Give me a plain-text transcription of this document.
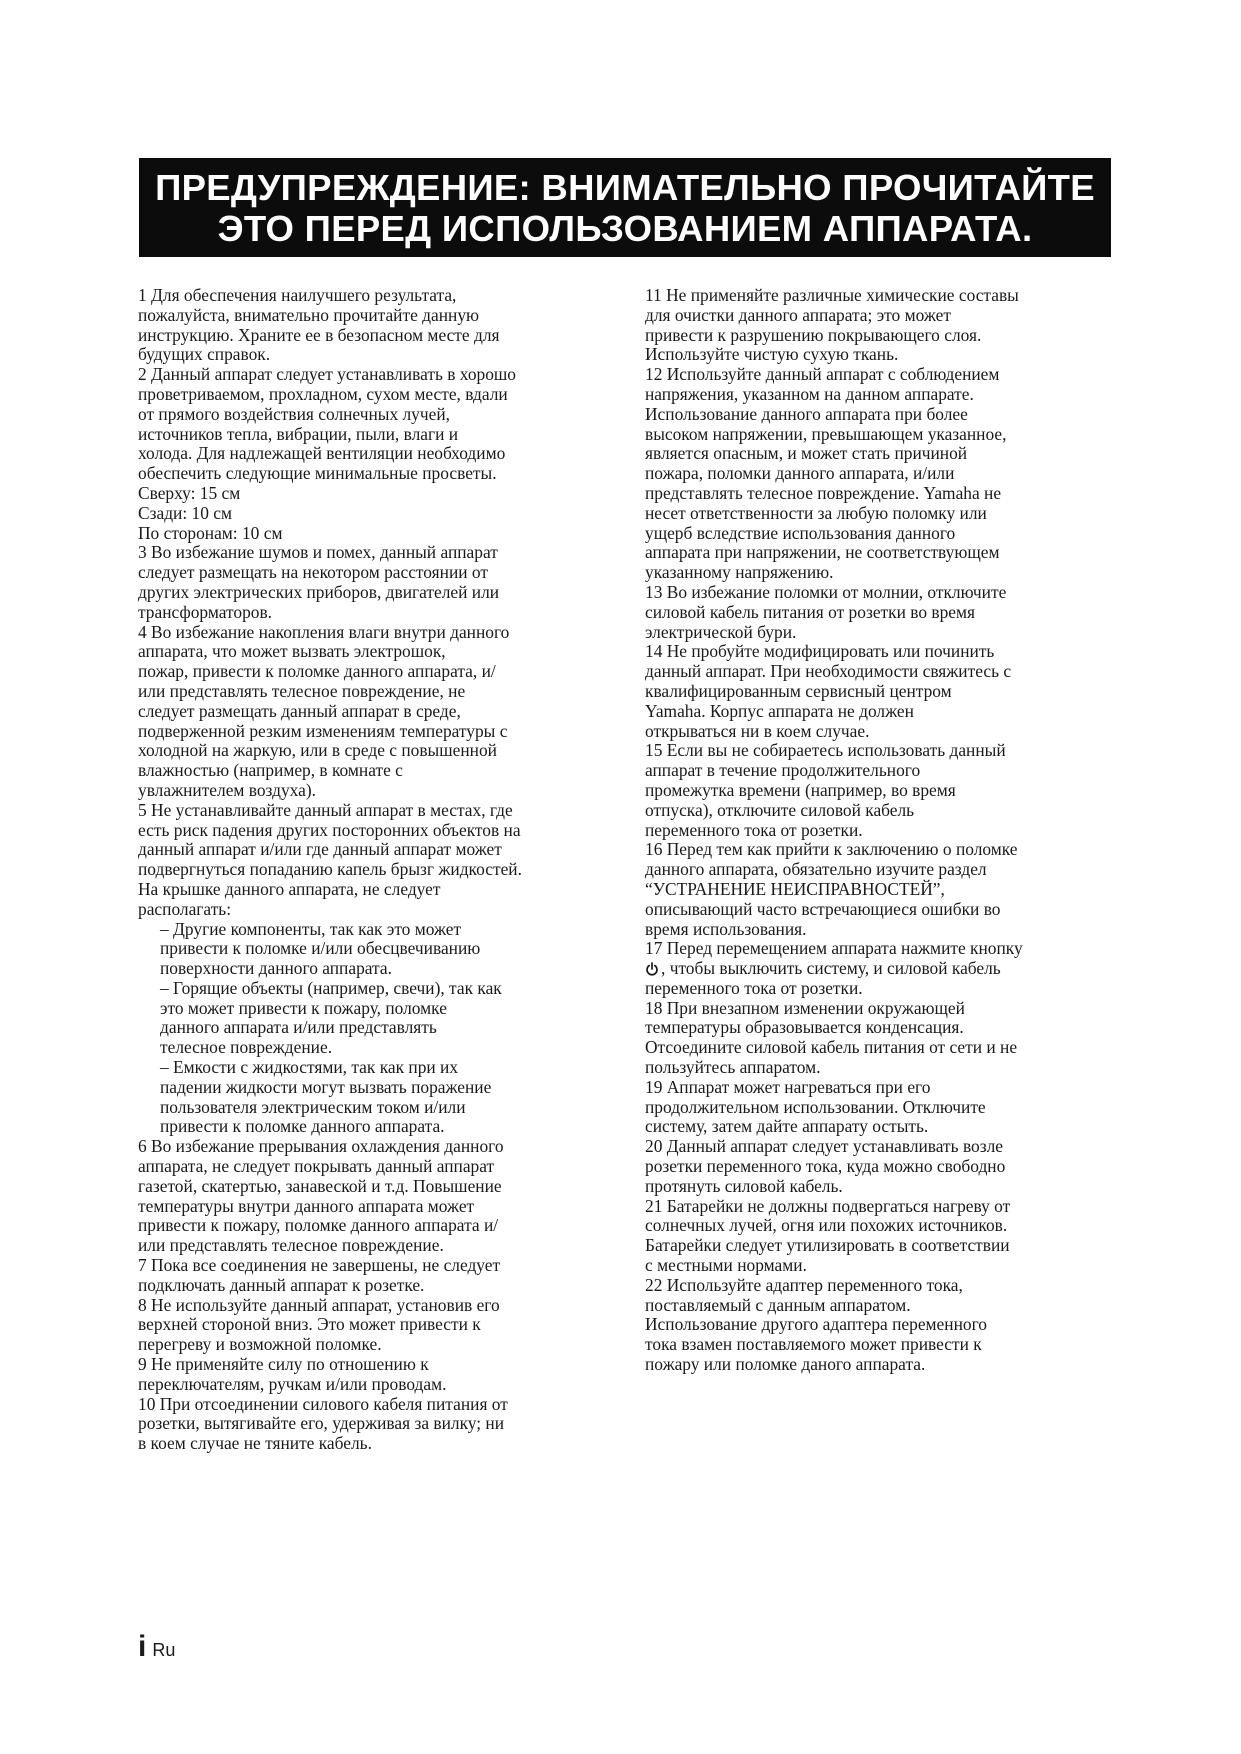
ПРЕДУПРЕЖДЕНИЕ: ВНИМАТЕЛЬНО ПРОЧИТАЙТЕ
ЭТО ПЕРЕД ИСПОЛЬЗОВАНИЕМ АППАРАТА.
1 Для обеспечения наилучшего результата,
пожалуйста, внимательно прочитайте данную
инструкцию. Храните ее в безопасном месте для
будущих справок.
2 Данный аппарат следует устанавливать в хорошо
проветриваемом, прохладном, сухом месте, вдали
от прямого воздействия солнечных лучей,
источников тепла, вибрации, пыли, влаги и
холода. Для надлежащей вентиляции необходимо
обеспечить следующие минимальные просветы.
Сверху: 15 см
Сзади: 10 см
По сторонам: 10 см
3 Во избежание шумов и помех, данный аппарат
следует размещать на некотором расстоянии от
других электрических приборов, двигателей или
трансформаторов.
4 Во избежание накопления влаги внутри данного
аппарата, что может вызвать электрошок,
пожар, привести к поломке данного аппарата, и/
или представлять телесное повреждение, не
следует размещать данный аппарат в среде,
подверженной резким изменениям температуры с
холодной на жаркую, или в среде с повышенной
влажностью (например, в комнате с
увлажнителем воздуха).
5 Не устанавливайте данный аппарат в местах, где
есть риск падения других посторонних объектов на
данный аппарат и/или где данный аппарат может
подвергнуться попаданию капель брызг жидкостей.
На крышке данного аппарата, не следует
располагать:
– Другие компоненты, так как это может
привести к поломке и/или обесцвечиванию
поверхности данного аппарата.
– Горящие объекты (например, свечи), так как
это может привести к пожару, поломке
данного аппарата и/или представлять
телесное повреждение.
– Емкости с жидкостями, так как при их
падении жидкости могут вызвать поражение
пользователя электрическим током и/или
привести к поломке данного аппарата.
6 Во избежание прерывания охлаждения данного
аппарата, не следует покрывать данный аппарат
газетой, скатертью, занавеской и т.д. Повышение
температуры внутри данного аппарата может
привести к пожару, поломке данного аппарата и/
или представлять телесное повреждение.
7 Пока все соединения не завершены, не следует
подключать данный аппарат к розетке.
8 Не используйте данный аппарат, установив его
верхней стороной вниз. Это может привести к
перегреву и возможной поломке.
9 Не применяйте силу по отношению к
переключателям, ручкам и/или проводам.
10 При отсоединении силового кабеля питания от
розетки, вытягивайте его, удерживая за вилку; ни
в коем случае не тяните кабель.
11 Не применяйте различные химические составы
для очистки данного аппарата; это может
привести к разрушению покрывающего слоя.
Используйте чистую сухую ткань.
12 Используйте данный аппарат с соблюдением
напряжения, указанном на данном аппарате.
Использование данного аппарата при более
высоком напряжении, превышающем указанное,
является опасным, и может стать причиной
пожара, поломки данного аппарата, и/или
представлять телесное повреждение. Yamaha не
несет ответственности за любую поломку или
ущерб вследствие использования данного
аппарата при напряжении, не соответствующем
указанному напряжению.
13 Во избежание поломки от молнии, отключите
силовой кабель питания от розетки во время
электрической бури.
14 Не пробуйте модифицировать или починить
данный аппарат. При необходимости свяжитесь с
квалифицированным сервисный центром
Yamaha. Корпус аппарата не должен
открываться ни в коем случае.
15 Если вы не собираетесь использовать данный
аппарат в течение продолжительного
промежутка времени (например, во время
отпуска), отключите силовой кабель
переменного тока от розетки.
16 Перед тем как прийти к заключению о поломке
данного аппарата, обязательно изучите раздел
“УСТРАНЕНИЕ НЕИСПРАВНОСТЕЙ”,
описывающий часто встречающиеся ошибки во
время использования.
17 Перед перемещением аппарата нажмите кнопку
, чтобы выключить систему, и силовой кабель
переменного тока от розетки.
18 При внезапном изменении окружающей
температуры образовывается конденсация.
Отсоедините силовой кабель питания от сети и не
пользуйтесь аппаратом.
19 Аппарат может нагреваться при его
продолжительном использовании. Отключите
систему, затем дайте аппарату остыть.
20 Данный аппарат следует устанавливать возле
розетки переменного тока, куда можно свободно
протянуть силовой кабель.
21 Батарейки не должны подвергаться нагреву от
солнечных лучей, огня или похожих источников.
Батарейки следует утилизировать в соответствии
с местными нормами.
22 Используйте адаптер переменного тока,
поставляемый с данным аппаратом.
Использование другого адаптера переменного
тока взамен поставляемого может привести к
пожару или поломке даного аппарата.
i Ru
